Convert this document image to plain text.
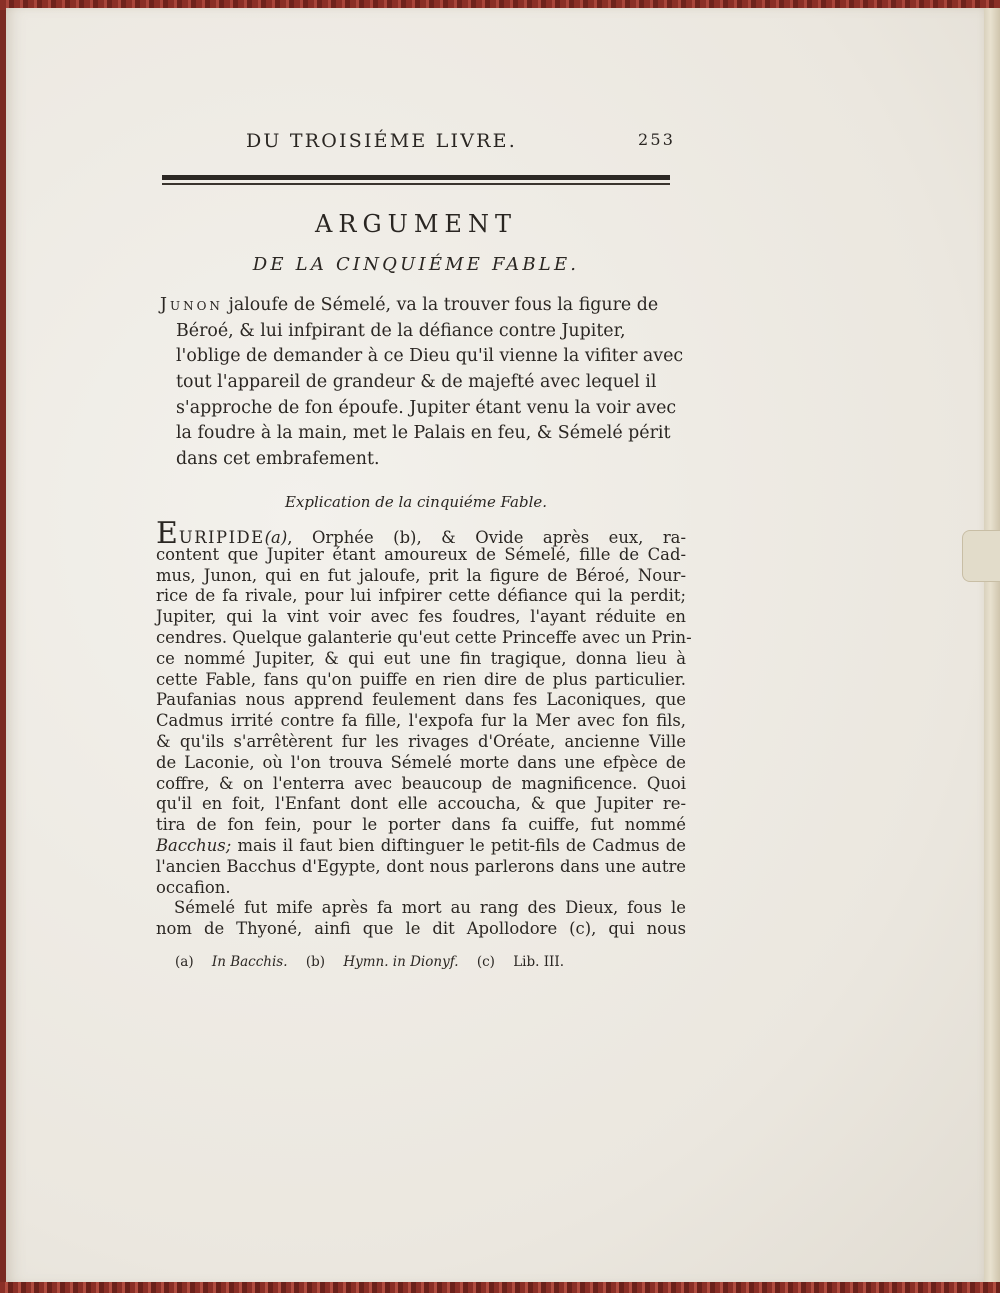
DU TROISIÉME LIVRE.	253
ARGUMENT
DE LA CINQUIÉME FABLE.
Junon jaloufe de Sémelé, va la trouver fous la figure de
Béroé, & lui infpirant de la défiance contre Jupiter,
l'oblige de demander à ce Dieu qu'il vienne la vifiter avec
tout l'appareil de grandeur & de majefté avec lequel il
s'approche de fon époufe. Jupiter étant venu la voir avec
la foudre à la main, met le Palais en feu, & Sémelé périt
dans cet embrafement.
Explication de la cinquiéme Fable.
EURIPIDE(a), Orphée (b), & Ovide après eux, ra-
content que Jupiter étant amoureux de Sémelé, fille de Cad-
mus, Junon, qui en fut jaloufe, prit la figure de Béroé, Nour-
rice de fa rivale, pour lui infpirer cette défiance qui la perdit;
Jupiter, qui la vint voir avec fes foudres, l'ayant réduite en
cendres. Quelque galanterie qu'eut cette Princeffe avec un Prin-
ce nommé Jupiter, & qui eut une fin tragique, donna lieu à
cette Fable, fans qu'on puiffe en rien dire de plus particulier.
Paufanias nous apprend feulement dans fes Laconiques, que
Cadmus irrité contre fa fille, l'expofa fur la Mer avec fon fils,
& qu'ils s'arrêtèrent fur les rivages d'Oréate, ancienne Ville
de Laconie, où l'on trouva Sémelé morte dans une efpèce de
coffre, & on l'enterra avec beaucoup de magnificence. Quoi
qu'il en foit, l'Enfant dont elle accoucha, & que Jupiter re-
tira de fon fein, pour le porter dans fa cuiffe, fut nommé
Bacchus; mais il faut bien diftinguer le petit-fils de Cadmus de
l'ancien Bacchus d'Egypte, dont nous parlerons dans une autre
occafion.
Sémelé fut mife après fa mort au rang des Dieux, fous le
nom de Thyoné, ainfi que le dit Apollodore (c), qui nous
(a) In Bacchis. (b) Hymn. in Dionyf. (c) Lib. III.
